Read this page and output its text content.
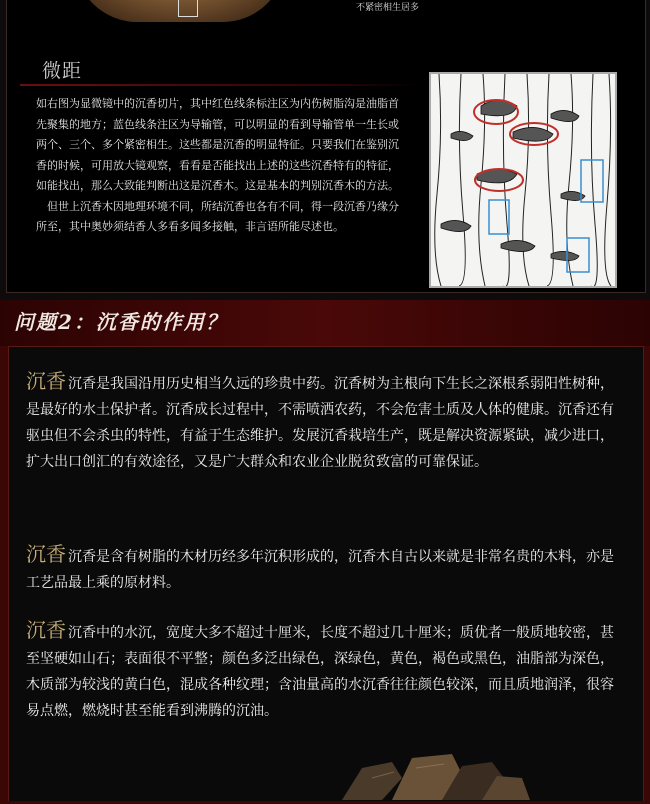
不紧密相生居多
微距

如右图为显微镜中的沉香切片，其中红色线条标注区为内伤树脂沟是油脂首先聚集的地方；蓝色线条注区为导输管，可以明显的看到导输管单一生长或两个、三个、多个紧密相生。这些都是沉香的明显特征。只要我们在鉴别沉香的时候，可用放大镜观察，看看是否能找出上述的这些沉香特有的特征，如能找出，那么大致能判断出这是沉香木。这是基本的判别沉香木的方法。

但世上沉香木因地理环境不同，所结沉香也各有不同，得一段沉香乃缘分所至，其中奥妙须结香人多看多闻多接触，非言语所能尽述也。

问题2：沉香的作用？
沉香 沉香是我国沿用历史相当久远的珍贵中药。沉香树为主根向下生长之深根系弱阳性树种，是最好的水土保护者。沉香成长过程中，不需喷洒农药，不会危害土质及人体的健康。沉香还有驱虫但不会杀虫的特性，有益于生态维护。发展沉香栽培生产，既是解决资源紧缺，减少进口，扩大出口创汇的有效途径，又是广大群众和农业企业脱贫致富的可靠保证。
沉香 沉香是含有树脂的木材历经多年沉积形成的，沉香木自古以来就是非常名贵的木料，亦是工艺品最上乘的原材料。
沉香 沉香中的水沉，宽度大多不超过十厘米，长度不超过几十厘米；质优者一般质地较密，甚至坚硬如山石；表面很不平整；颜色多泛出绿色，深绿色，黄色，褐色或黑色，油脂部为深色，木质部为较浅的黄白色，混成各种纹理；含油量高的水沉香往往颜色较深，而且质地润泽，很容易点燃，燃烧时甚至能看到沸腾的沉油。
